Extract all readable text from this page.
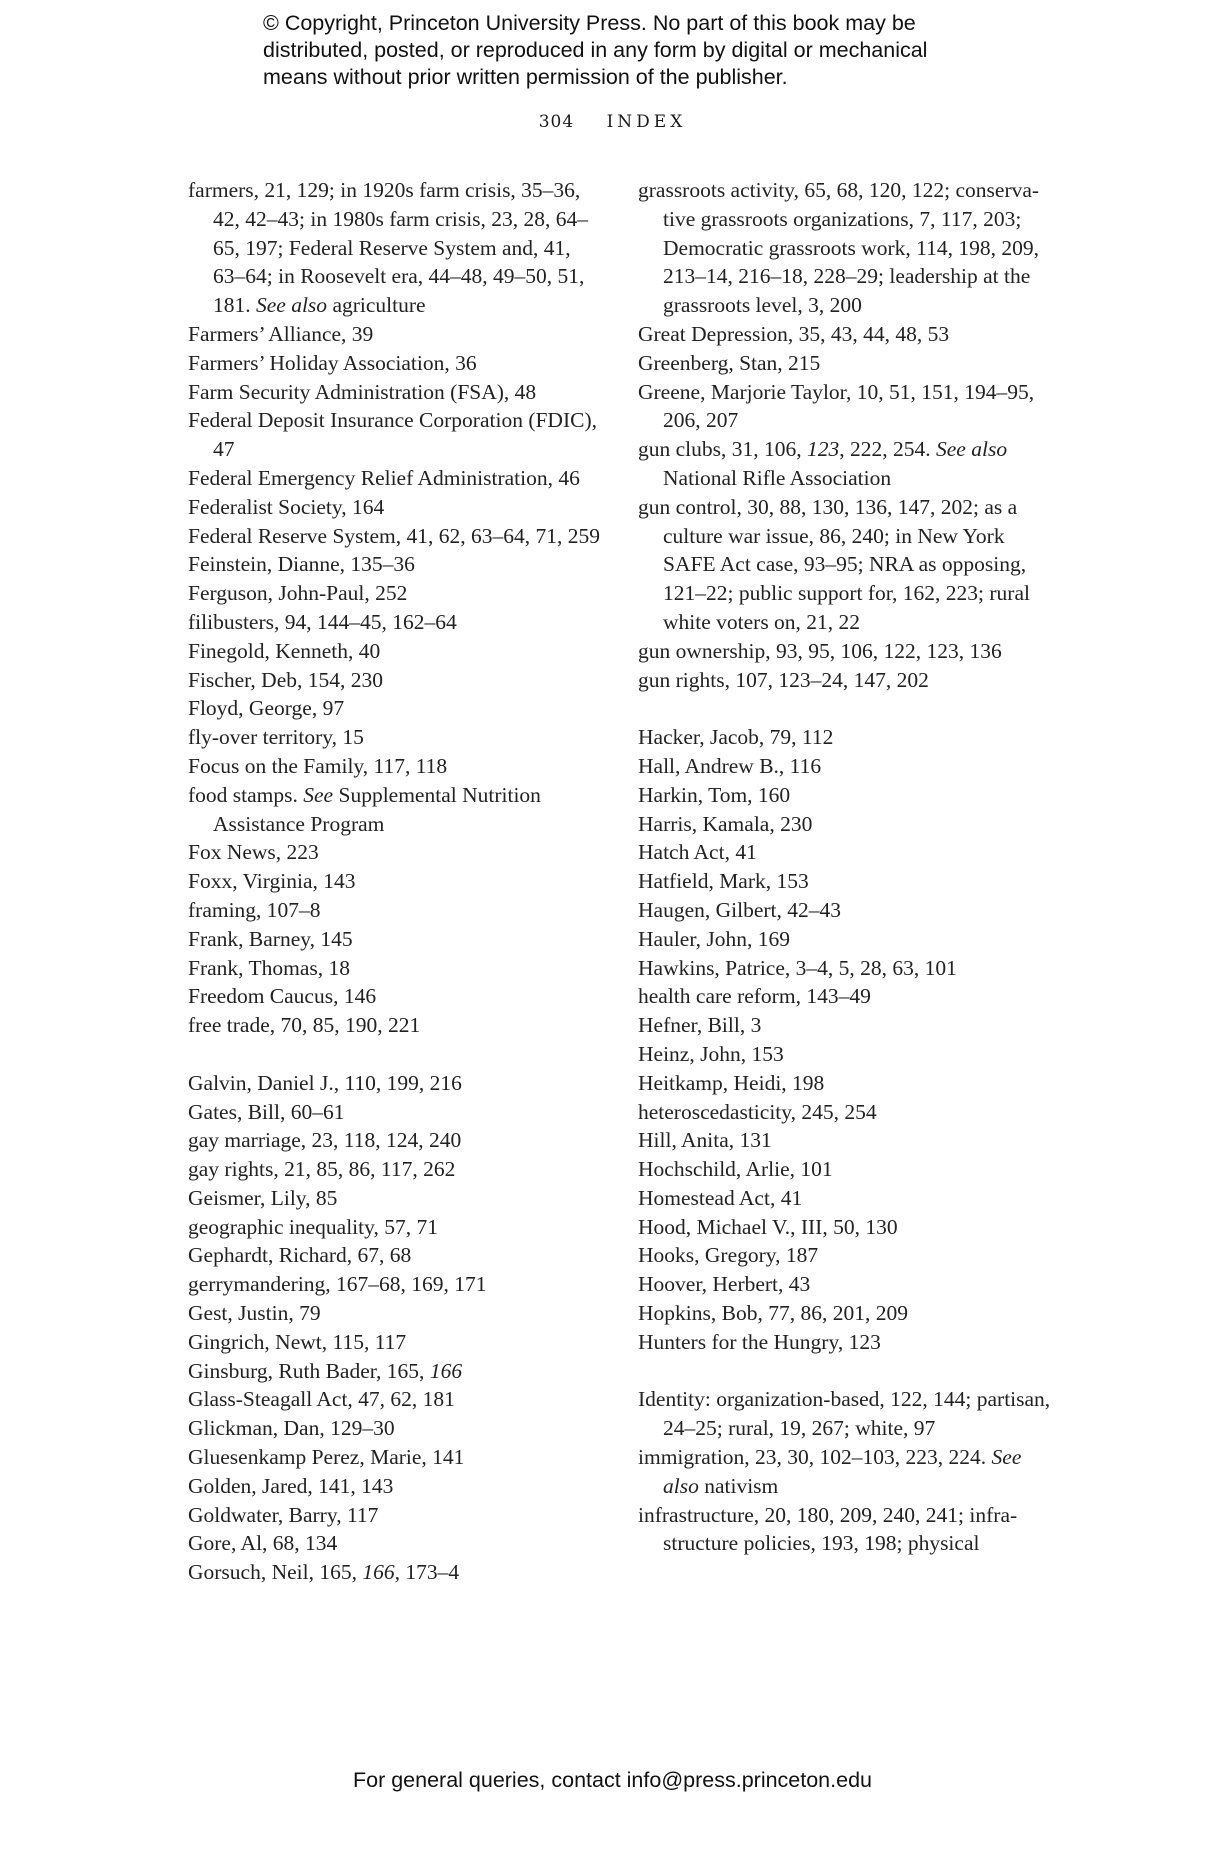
© Copyright, Princeton University Press. No part of this book may be
distributed, posted, or reproduced in any form by digital or mechanical
means without prior written permission of the publisher.
304 INDEX
farmers, 21, 129; in 1920s farm crisis, 35–36, 42, 42–43; in 1980s farm crisis, 23, 28, 64–65, 197; Federal Reserve System and, 41, 63–64; in Roosevelt era, 44–48, 49–50, 51, 181. See also agriculture
Farmers’ Alliance, 39
Farmers’ Holiday Association, 36
Farm Security Administration (FSA), 48
Federal Deposit Insurance Corporation (FDIC), 47
Federal Emergency Relief Administration, 46
Federalist Society, 164
Federal Reserve System, 41, 62, 63–64, 71, 259
Feinstein, Dianne, 135–36
Ferguson, John-Paul, 252
filibusters, 94, 144–45, 162–64
Finegold, Kenneth, 40
Fischer, Deb, 154, 230
Floyd, George, 97
fly-over territory, 15
Focus on the Family, 117, 118
food stamps. See Supplemental Nutrition Assistance Program
Fox News, 223
Foxx, Virginia, 143
framing, 107–8
Frank, Barney, 145
Frank, Thomas, 18
Freedom Caucus, 146
free trade, 70, 85, 190, 221
Galvin, Daniel J., 110, 199, 216
Gates, Bill, 60–61
gay marriage, 23, 118, 124, 240
gay rights, 21, 85, 86, 117, 262
Geismer, Lily, 85
geographic inequality, 57, 71
Gephardt, Richard, 67, 68
gerrymandering, 167–68, 169, 171
Gest, Justin, 79
Gingrich, Newt, 115, 117
Ginsburg, Ruth Bader, 165, 166
Glass-Steagall Act, 47, 62, 181
Glickman, Dan, 129–30
Gluesenkamp Perez, Marie, 141
Golden, Jared, 141, 143
Goldwater, Barry, 117
Gore, Al, 68, 134
Gorsuch, Neil, 165, 166, 173–4
grassroots activity, 65, 68, 120, 122; conserva-tive grassroots organizations, 7, 117, 203; Democratic grassroots work, 114, 198, 209, 213–14, 216–18, 228–29; leadership at the grassroots level, 3, 200
Great Depression, 35, 43, 44, 48, 53
Greenberg, Stan, 215
Greene, Marjorie Taylor, 10, 51, 151, 194–95, 206, 207
gun clubs, 31, 106, 123, 222, 254. See also National Rifle Association
gun control, 30, 88, 130, 136, 147, 202; as a culture war issue, 86, 240; in New York SAFE Act case, 93–95; NRA as opposing, 121–22; public support for, 162, 223; rural white voters on, 21, 22
gun ownership, 93, 95, 106, 122, 123, 136
gun rights, 107, 123–24, 147, 202
Hacker, Jacob, 79, 112
Hall, Andrew B., 116
Harkin, Tom, 160
Harris, Kamala, 230
Hatch Act, 41
Hatfield, Mark, 153
Haugen, Gilbert, 42–43
Hauler, John, 169
Hawkins, Patrice, 3–4, 5, 28, 63, 101
health care reform, 143–49
Hefner, Bill, 3
Heinz, John, 153
Heitkamp, Heidi, 198
heteroscedasticity, 245, 254
Hill, Anita, 131
Hochschild, Arlie, 101
Homestead Act, 41
Hood, Michael V., III, 50, 130
Hooks, Gregory, 187
Hoover, Herbert, 43
Hopkins, Bob, 77, 86, 201, 209
Hunters for the Hungry, 123
Identity: organization-based, 122, 144; partisan, 24–25; rural, 19, 267; white, 97
immigration, 23, 30, 102–103, 223, 224. See also nativism
infrastructure, 20, 180, 209, 240, 241; infra-structure policies, 193, 198; physical
For general queries, contact info@press.princeton.edu
